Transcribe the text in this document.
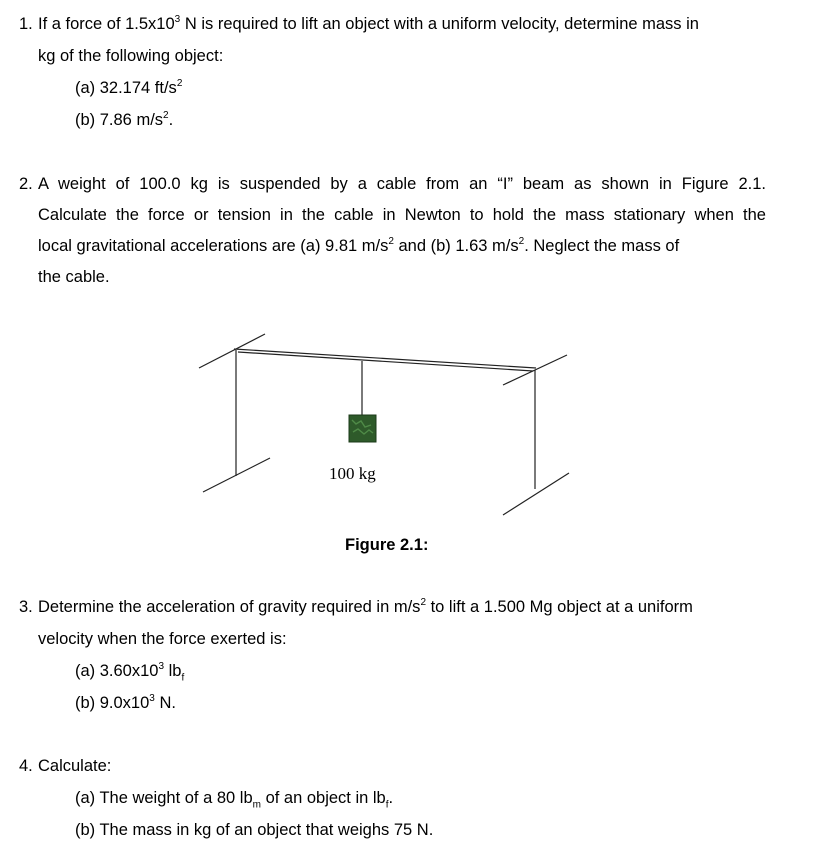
1. If a force of $1.5x10^3$ N is required to lift an object with a uniform velocity, determine mass in
kg of the following object:
(a) 32.174 $ft/s^2$
(b) 7.86 $m/s^2$.
2. A weight of 100.0 kg is suspended by a cable from an “I” beam as shown in Figure 2.1.
Calculate the force or tension in the cable in Newton to hold the mass stationary when the
local gravitational accelerations are (a) 9.81 $m/s^2$ and (b) 1.63 $m/s^2$. Neglect the mass of
the cable.
100 kg
Figure 2.1:
3. Determine the acceleration of gravity required in $m/s^2$ to lift a 1.500 Mg object at a uniform
velocity when the force exerted is:
(a) $3.60x10^3$ $lb_f$
(b) $9.0x10^3$ N.
4. Calculate:
(a) The weight of a 80 $lb_m$ of an object in $lb_f$.
(b) The mass in kg of an object that weighs 75 N.
